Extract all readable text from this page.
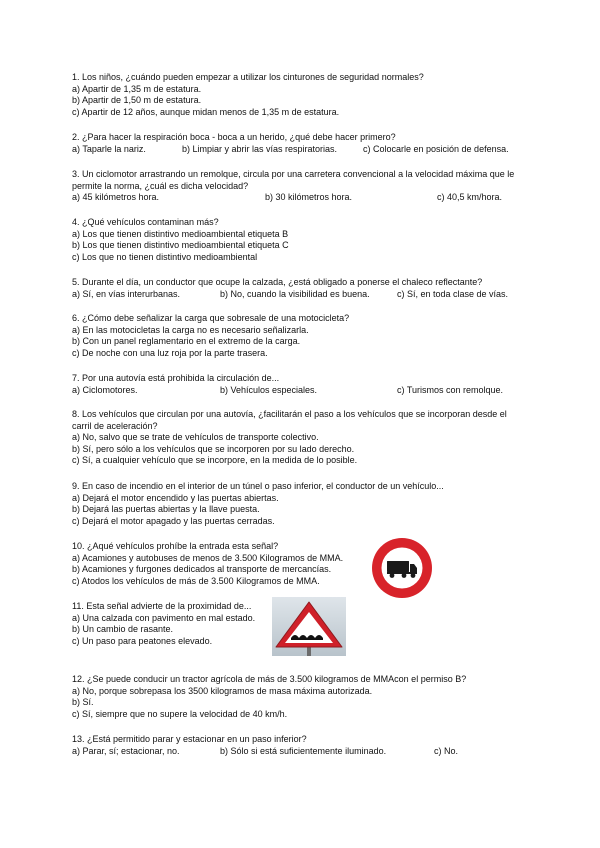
1. Los niños, ¿cuándo pueden empezar a utilizar los cinturones de seguridad normales?
a) Apartir de 1,35 m de estatura.
b) Apartir de 1,50 m de estatura.
c) Apartir de 12 años, aunque midan menos de 1,35 m de estatura.
2. ¿Para hacer la respiración boca - boca a un herido, ¿qué debe hacer primero?
a) Taparle la nariz.	b) Limpiar y abrir las vías respiratorias.	c) Colocarle en posición de defensa.
3. Un ciclomotor arrastrando un remolque, circula por una carretera convencional a la velocidad máxima que le
permite la norma, ¿cuál es dicha velocidad?
a) 45 kilómetros hora.	b) 30 kilómetros hora.	c) 40,5 km/hora.
4. ¿Qué vehículos contaminan más?
a) Los que tienen distintivo medioambiental etiqueta B
b) Los que tienen distintivo medioambiental etiqueta C
c) Los que no tienen distintivo medioambiental
5. Durante el día, un conductor que ocupe la calzada, ¿está obligado a ponerse el chaleco reflectante?
a) Sí, en vías interurbanas.	b) No, cuando la visibilidad es buena.	c) Sí, en toda clase de vías.
6. ¿Cómo debe señalizar la carga que sobresale de una motocicleta?
a) En las motocicletas la carga no es necesario señalizarla.
b) Con un panel reglamentario en el extremo de la carga.
c) De noche con una luz roja por la parte trasera.
7. Por una autovía está prohibida la circulación de...
a) Ciclomotores.	b) Vehículos especiales.	c) Turismos con remolque.
8. Los vehículos que circulan por una autovía, ¿facilitarán el paso a los vehículos que se incorporan desde el
carril de aceleración?
a) No, salvo que se trate de vehículos de transporte colectivo.
b) Sí, pero sólo a los vehículos que se incorporen por su lado derecho.
c) Sí, a cualquier vehículo que se incorpore, en la medida de lo posible.
9. En caso de incendio en el interior de un túnel o paso inferior, el conductor de un vehículo...
a) Dejará el motor encendido y las puertas abiertas.
b) Dejará las puertas abiertas y la llave puesta.
c) Dejará el motor apagado y las puertas cerradas.
10. ¿Aqué vehículos prohíbe la entrada esta señal?
a) Acamiones y autobuses de menos de 3.500 Kilogramos de MMA.
b) Acamiones y furgones dedicados al transporte de mercancías.
c) Atodos los vehículos de más de 3.500 Kilogramos de MMA.
11. Esta señal advierte de la proximidad de...
a) Una calzada con pavimento en mal estado.
b) Un cambio de rasante.
c) Un paso para peatones elevado.
12. ¿Se puede conducir un tractor agrícola de más de 3.500 kilogramos de MMAcon el permiso B?
a) No, porque sobrepasa los 3500 kilogramos de masa máxima autorizada.
b) Sí.
c) Sí, siempre que no supere la velocidad de 40 km/h.
13. ¿Está permitido parar y estacionar en un paso inferior?
a) Parar, sí; estacionar, no.	b) Sólo si está suficientemente iluminado.	c) No.
